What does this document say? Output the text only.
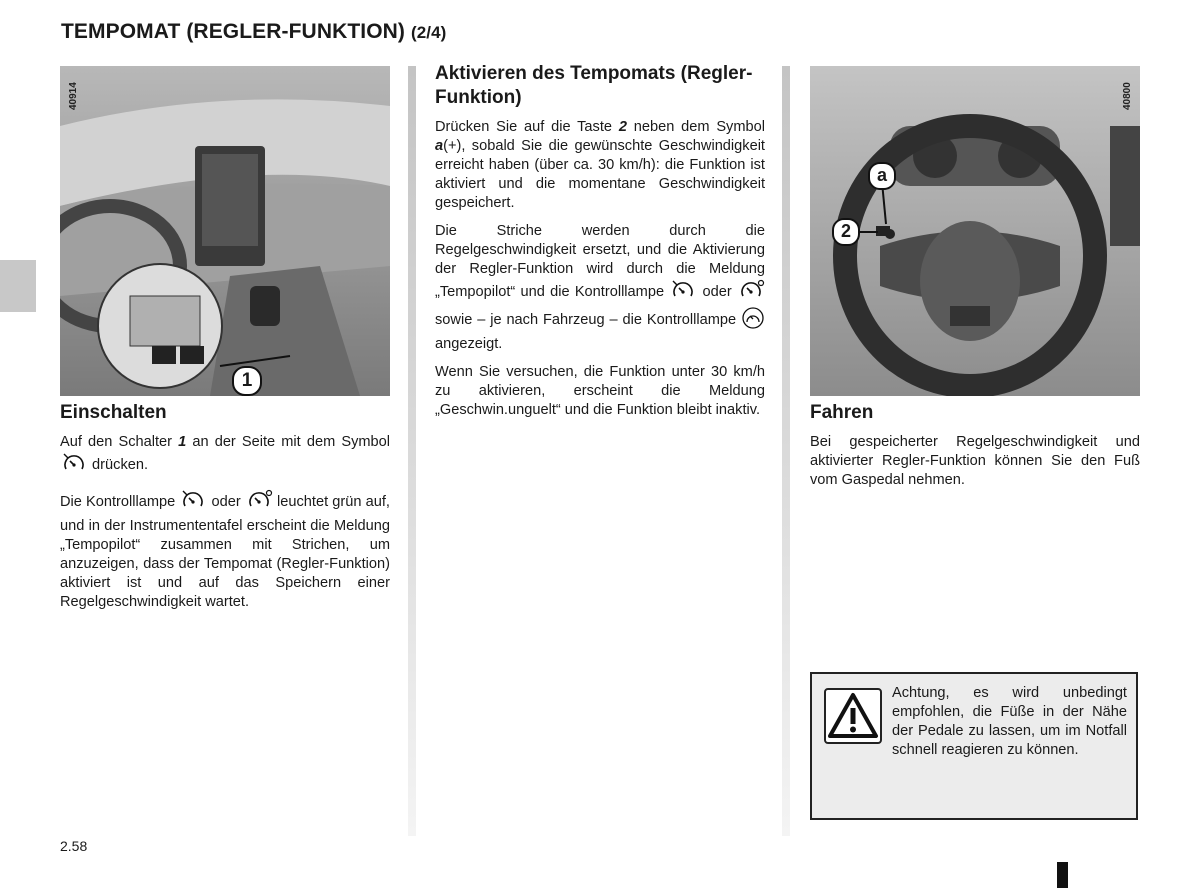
TEMPOMAT (REGLER-FUNKTION) (2/4)
40914
1
Einschalten

Auf den Schalter 1 an der Seite mit dem Symbol  drücken.

Die Kontrolllampe  oder  leuchtet grün auf, und in der Instrumententafel erscheint die Meldung „Tempopilot“ zusammen mit Strichen, um anzuzeigen, dass der Tempomat (Regler-Funktion) aktiviert ist und auf das Speichern einer Regelgeschwindigkeit wartet.

Aktivieren des Tempomats (Regler-Funktion)

Drücken Sie auf die Taste 2 neben dem Symbol a(+), sobald Sie die gewünschte Geschwindigkeit erreicht haben (über ca. 30 km/h): die Funktion ist aktiviert und die momentane Geschwindigkeit gespeichert.

Die Striche werden durch die Regelgeschwindigkeit ersetzt, und die Aktivierung der Regler-Funktion wird durch die Meldung „Tempopilot“ und die Kontrolllampe  oder  sowie – je nach Fahrzeug – die Kontrolllampe  angezeigt.

Wenn Sie versuchen, die Funktion unter 30 km/h zu aktivieren, erscheint die Meldung „Geschwin.unguelt“ und die Funktion bleibt inaktiv.

40800
a
2
Fahren

Bei gespeicherter Regelgeschwindigkeit und aktivierter Regler-Funktion können Sie den Fuß vom Gaspedal nehmen.

Achtung, es wird unbedingt empfohlen, die Füße in der Nähe der Pedale zu lassen, um im Notfall schnell reagieren zu können.
2.58
